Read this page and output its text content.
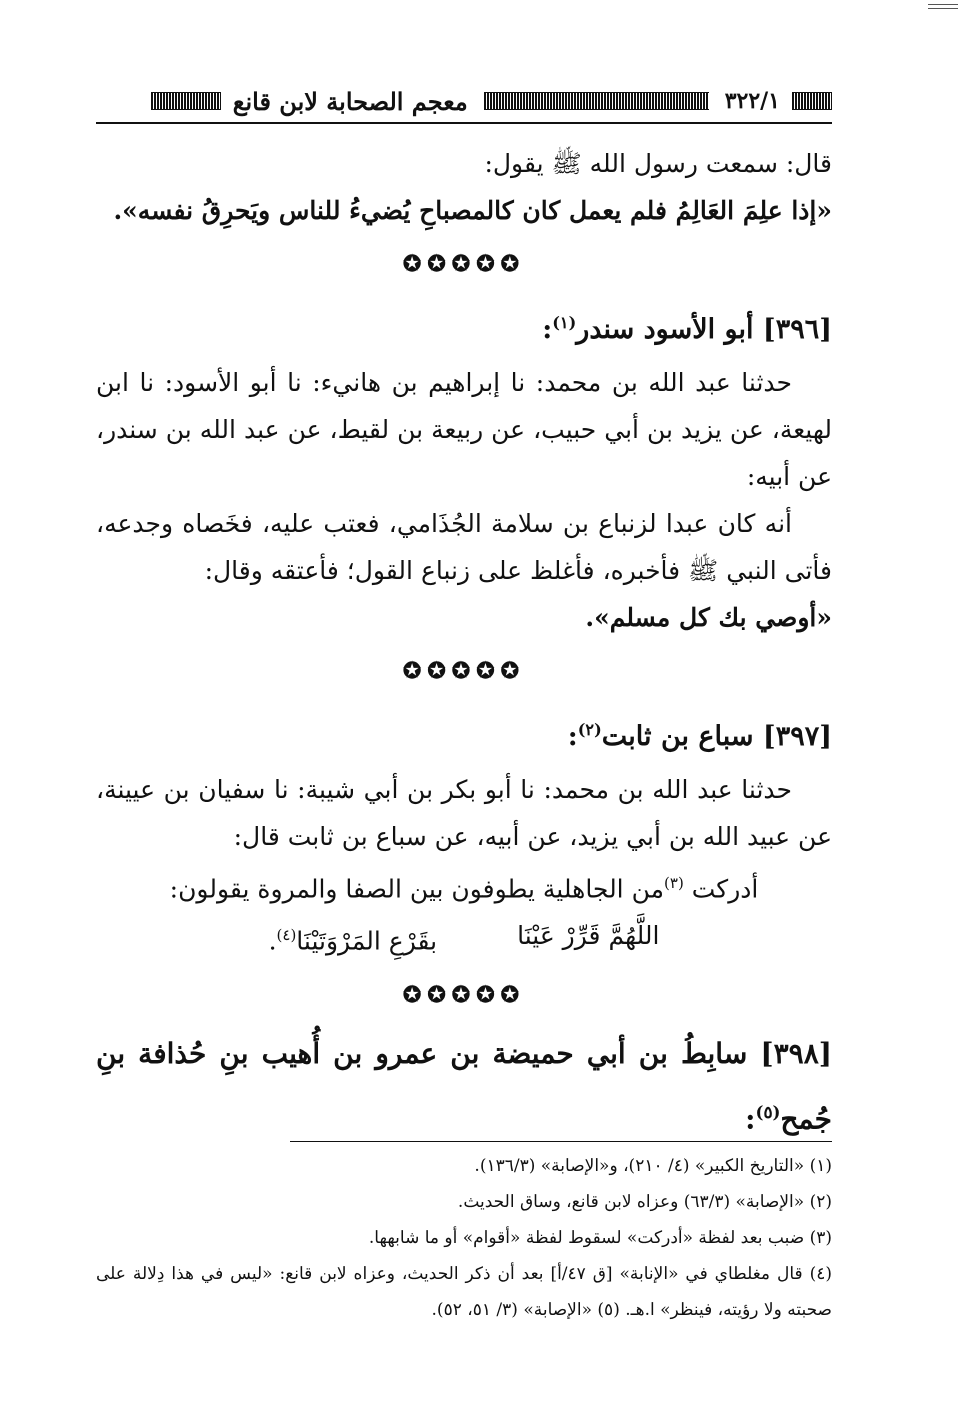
٣٢٢/١
معجم الصحابة لابن قانع

قال: سمعت رسول الله ﷺ يقول:

«إذا علِمَ العَالِمُ فلم يعمل كان كالمصباحِ يُضيءُ للناس ويَحرِقُ نفسه».

✪✪✪✪✪

[٣٩٦] أبو الأسود سندر$^{(١)}$:

حدثنا عبد الله بن محمد: نا إبراهيم بن هانيء: نا أبو الأسود: نا ابن لهيعة، عن يزيد بن أبي حبيب، عن ربيعة بن لقيط، عن عبد الله بن سندر، عن أبيه:

أنه كان عبدا لزنباع بن سلامة الجُذَامي، فعتب عليه، فخَصاه وجدعه، فأتى النبي ﷺ فأخبره، فأغلظ على زنباع القول؛ فأعتقه وقال:

«أوصي بك كل مسلم».

✪✪✪✪✪

[٣٩٧] سباع بن ثابت$^{(٢)}$:

حدثنا عبد الله بن محمد: نا أبو بكر بن أبي شيبة: نا سفيان بن عيينة، عن عبيد الله بن أبي يزيد، عن أبيه، عن سباع بن ثابت قال:

أدركت $^{(٣)}$من الجاهلية يطوفون بين الصفا والمروة يقولون:

اللَّهُمَّ قَرِّرْ عَيْنَا
بقَرْعِ المَرْوَتَيْنَا$^{(٤)}$.

✪✪✪✪✪

[٣٩٨] سابِطُ بن أبي حميضة بن عمرو بن أُهيب بنِ حُذافة بنِ جُمح$^{(٥)}$:

(١) «التاريخ الكبير» (٤/ ٢١٠)، و«الإصابة» (١٣٦/٣).

(٢) «الإصابة» (٦٣/٣) وعزاه لابن قانع، وساق الحديث.

(٣) ضبب بعد لفظة «أدركت» لسقوط لفظة «أقوام» أو ما شابهها.

(٤) قال مغلطاي في «الإنابة» [ق ٤٧/أ] بعد أن ذكر الحديث، وعزاه لابن قانع: «ليس في هذا دِلالة على صحبته ولا رؤيته، فينظر» ا.هـ. (٥) «الإصابة» (٣/ ٥١، ٥٢).
